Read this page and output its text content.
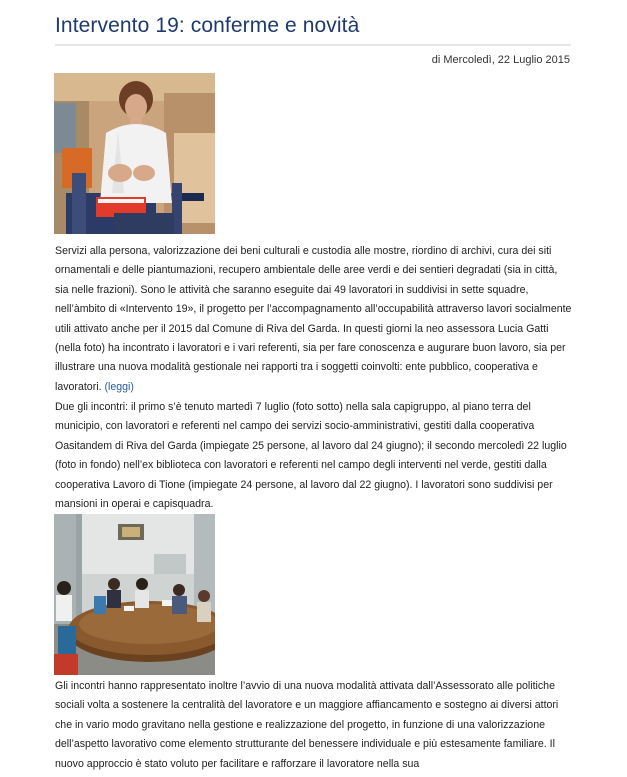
Intervento 19: conferme e novità
di Mercoledì, 22 Luglio 2015

Servizi alla persona, valorizzazione dei beni culturali e custodia alle mostre, riordino di archivi, cura dei siti ornamentali e delle piantumazioni, recupero ambientale delle aree verdi e dei sentieri degradati (sia in città, sia nelle frazioni). Sono le attività che saranno eseguite dai 49 lavoratori in suddivisi in sette squadre, nell’àmbito di «Intervento 19», il progetto per l’accompagnamento all’occupabilità attraverso lavori socialmente utili attivato anche per il 2015 dal Comune di Riva del Garda. In questi giorni la neo assessora Lucia Gatti (nella foto) ha incontrato i lavoratori e i vari referenti, sia per fare conoscenza e augurare buon lavoro, sia per illustrare una nuova modalità gestionale nei rapporti tra i soggetti coinvolti: ente pubblico, cooperativa e lavoratori. (leggi)

Due gli incontri: il primo s’è tenuto martedì 7 luglio (foto sotto) nella sala capigruppo, al piano terra del municipio, con lavoratori e referenti nel campo dei servizi socio-amministrativi, gestiti dalla cooperativa Oasitandem di Riva del Garda (impiegate 25 persone, al lavoro dal 24 giugno); il secondo mercoledì 22 luglio (foto in fondo) nell’ex biblioteca con lavoratori e referenti nel campo degli interventi nel verde, gestiti dalla cooperativa Lavoro di Tione (impiegate 24 persone, al lavoro dal 22 giugno). I lavoratori sono suddivisi per mansioni in operai e capisquadra.

Gli incontri hanno rappresentato inoltre l’avvio di una nuova modalità attivata dall’Assessorato alle politiche sociali volta a sostenere la centralità del lavoratore e un maggiore affiancamento e sostegno ai diversi attori che in vario modo gravitano nella gestione e realizzazione del progetto, in funzione di una valorizzazione dell’aspetto lavorativo come elemento strutturante del benessere individuale e più estesamente familiare. Il nuovo approccio è stato voluto per facilitare e rafforzare il lavoratore nella sua
